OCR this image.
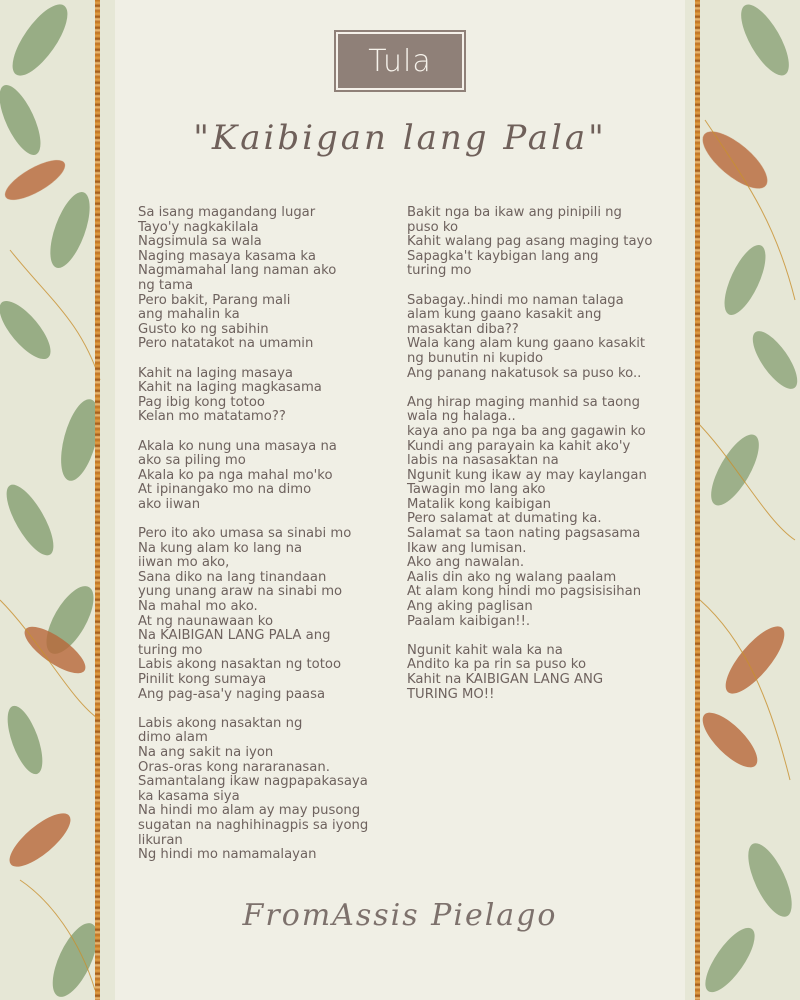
Tula
"Kaibigan lang Pala"
Sa isang magandang lugar
Tayo'y nagkakilala
Nagsimula sa wala
Naging masaya kasama ka
Nagmamahal lang naman ako
ng tama
Pero bakit, Parang mali
ang mahalin ka
Gusto ko ng sabihin
Pero natatakot na umamin

Kahit na laging masaya
Kahit na laging magkasama
Pag ibig kong totoo
Kelan mo matatamo??

Akala ko nung una masaya na
ako sa piling mo
Akala ko pa nga mahal mo'ko
At ipinangako mo na dimo
ako iiwan

Pero ito ako umasa sa sinabi mo
Na kung alam ko lang na
iiwan mo ako,
Sana diko na lang tinandaan
yung unang araw na sinabi mo
Na mahal mo ako.
At ng naunawaan ko
Na KAIBIGAN LANG PALA ang
turing mo
Labis akong nasaktan ng totoo
Pinilit kong sumaya
Ang pag-asa'y naging paasa

Labis akong nasaktan ng
dimo alam
Na ang sakit na iyon
Oras-oras kong nararanasan.
Samantalang ikaw nagpapakasaya
ka kasama siya
Na hindi mo alam ay may pusong
sugatan na naghihinagpis sa iyong
likuran
Ng hindi mo namamalayan
Bakit nga ba ikaw ang pinipili ng
puso ko
Kahit walang pag asang maging tayo
Sapagka't kaybigan lang ang
turing mo

Sabagay..hindi mo naman talaga
alam kung gaano kasakit ang
masaktan diba??
Wala kang alam kung gaano kasakit
ng bunutin ni kupido
Ang panang nakatusok sa puso ko..

Ang hirap maging manhid sa taong
wala ng halaga..
kaya ano pa nga ba ang gagawin ko
Kundi ang parayain ka kahit ako'y
labis na nasasaktan na
Ngunit kung ikaw ay may kaylangan
Tawagin mo lang ako
Matalik kong kaibigan
Pero salamat at dumating ka.
Salamat sa taon nating pagsasama
Ikaw ang lumisan.
Ako ang nawalan.
Aalis din ako ng walang paalam
At alam kong hindi mo pagsisisihan
Ang aking paglisan
Paalam kaibigan!!.

Ngunit kahit wala ka na
Andito ka pa rin sa puso ko
Kahit na KAIBIGAN LANG ANG
TURING MO!!
FromAssis Pielago
